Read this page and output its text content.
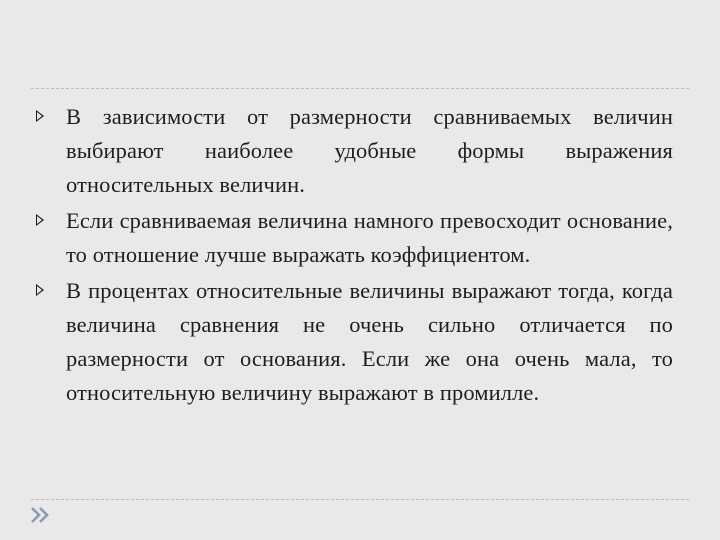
В зависимости от размерности сравниваемых величин выбирают наиболее удобные формы выражения относительных величин.

Если сравниваемая величина намного превосходит основание, то отношение лучше выражать коэффициентом.

В процентах относительные величины выражают тогда, когда величина сравнения не очень сильно отличается по размерности от основания. Если же она очень мала, то относительную величину выражают в промилле.
